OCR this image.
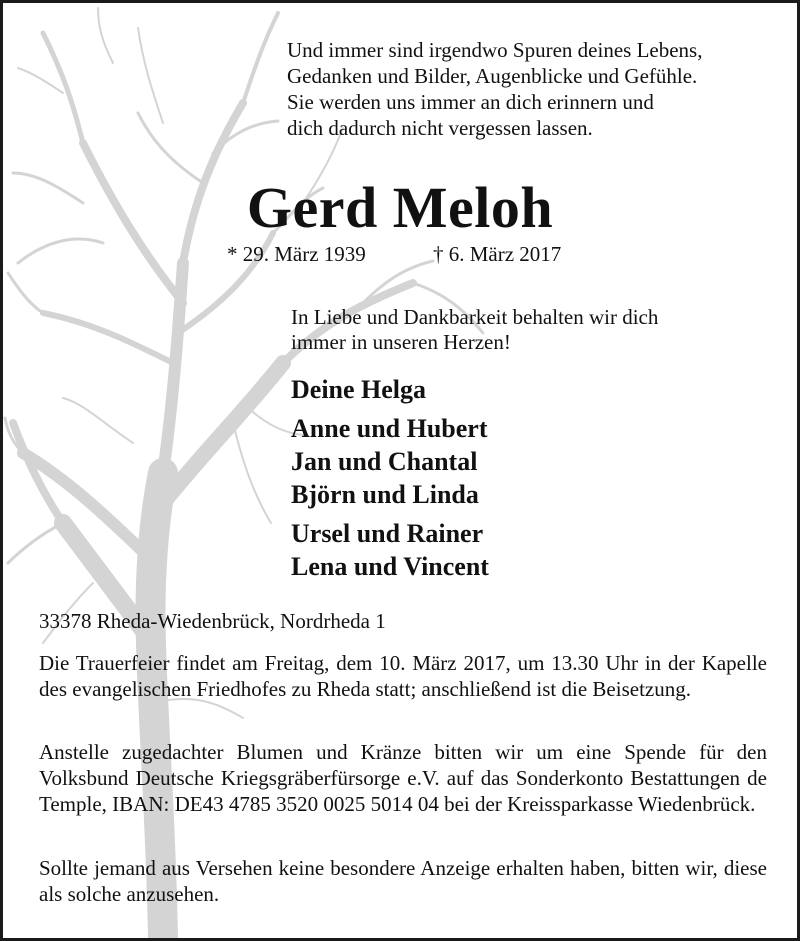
Und immer sind irgendwo Spuren deines Lebens,
Gedanken und Bilder, Augenblicke und Gefühle.
Sie werden uns immer an dich erinnern und
dich dadurch nicht vergessen lassen.
Gerd Meloh
* 29. März 1939	† 6. März 2017
In Liebe und Dankbarkeit behalten wir dich
immer in unseren Herzen!
Deine Helga
Anne und Hubert
Jan und Chantal
Björn und Linda
Ursel und Rainer
Lena und Vincent
33378 Rheda-Wiedenbrück, Nordrheda 1
Die Trauerfeier findet am Freitag, dem 10. März 2017, um 13.30 Uhr in der Kapelle des evangelischen Friedhofes zu Rheda statt; anschließend ist die Beisetzung.
Anstelle zugedachter Blumen und Kränze bitten wir um eine Spende für den Volksbund Deutsche Kriegsgräberfürsorge e.V. auf das Sonderkonto Bestattungen de Temple, IBAN: DE43 4785 3520 0025 5014 04 bei der Kreissparkasse Wiedenbrück.
Sollte jemand aus Versehen keine besondere Anzeige erhalten haben, bitten wir, diese als solche anzusehen.
